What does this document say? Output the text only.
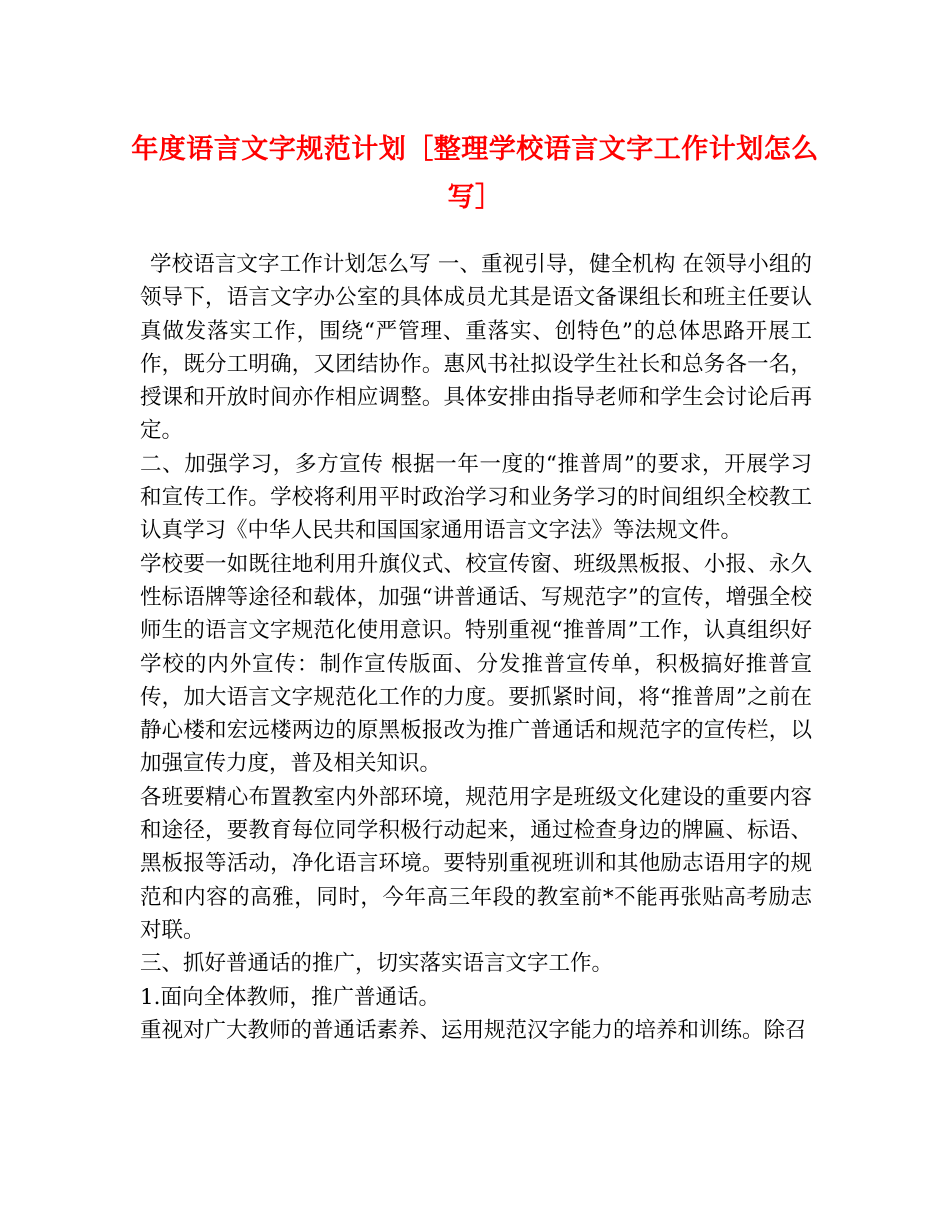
年度语言文字规范计划［整理学校语言文字工作计划怎么写］

学校语言文字工作计划怎么写 一、重视引导，健全机构 在领导小组的领导下，语言文字办公室的具体成员尤其是语文备课组长和班主任要认真做发落实工作，围绕“严管理、重落实、创特色”的总体思路开展工作，既分工明确，又团结协作。惠风书社拟设学生社长和总务各一名，授课和开放时间亦作相应调整。具体安排由指导老师和学生会讨论后再定。

二、加强学习，多方宣传 根据一年一度的“推普周”的要求，开展学习和宣传工作。学校将利用平时政治学习和业务学习的时间组织全校教工认真学习《中华人民共和国国家通用语言文字法》等法规文件。

学校要一如既往地利用升旗仪式、校宣传窗、班级黑板报、小报、永久性标语牌等途径和载体，加强“讲普通话、写规范字”的宣传，增强全校师生的语言文字规范化使用意识。特别重视“推普周”工作，认真组织好学校的内外宣传：制作宣传版面、分发推普宣传单，积极搞好推普宣传，加大语言文字规范化工作的力度。要抓紧时间，将“推普周”之前在静心楼和宏远楼两边的原黑板报改为推广普通话和规范字的宣传栏，以加强宣传力度，普及相关知识。

各班要精心布置教室内外部环境，规范用字是班级文化建设的重要内容和途径，要教育每位同学积极行动起来，通过检查身边的牌匾、标语、黑板报等活动，净化语言环境。要特别重视班训和其他励志语用字的规范和内容的高雅，同时，今年高三年段的教室前*不能再张贴高考励志对联。

三、抓好普通话的推广，切实落实语言文字工作。

1.面向全体教师，推广普通话。

重视对广大教师的普通话素养、运用规范汉字能力的培养和训练。除召
